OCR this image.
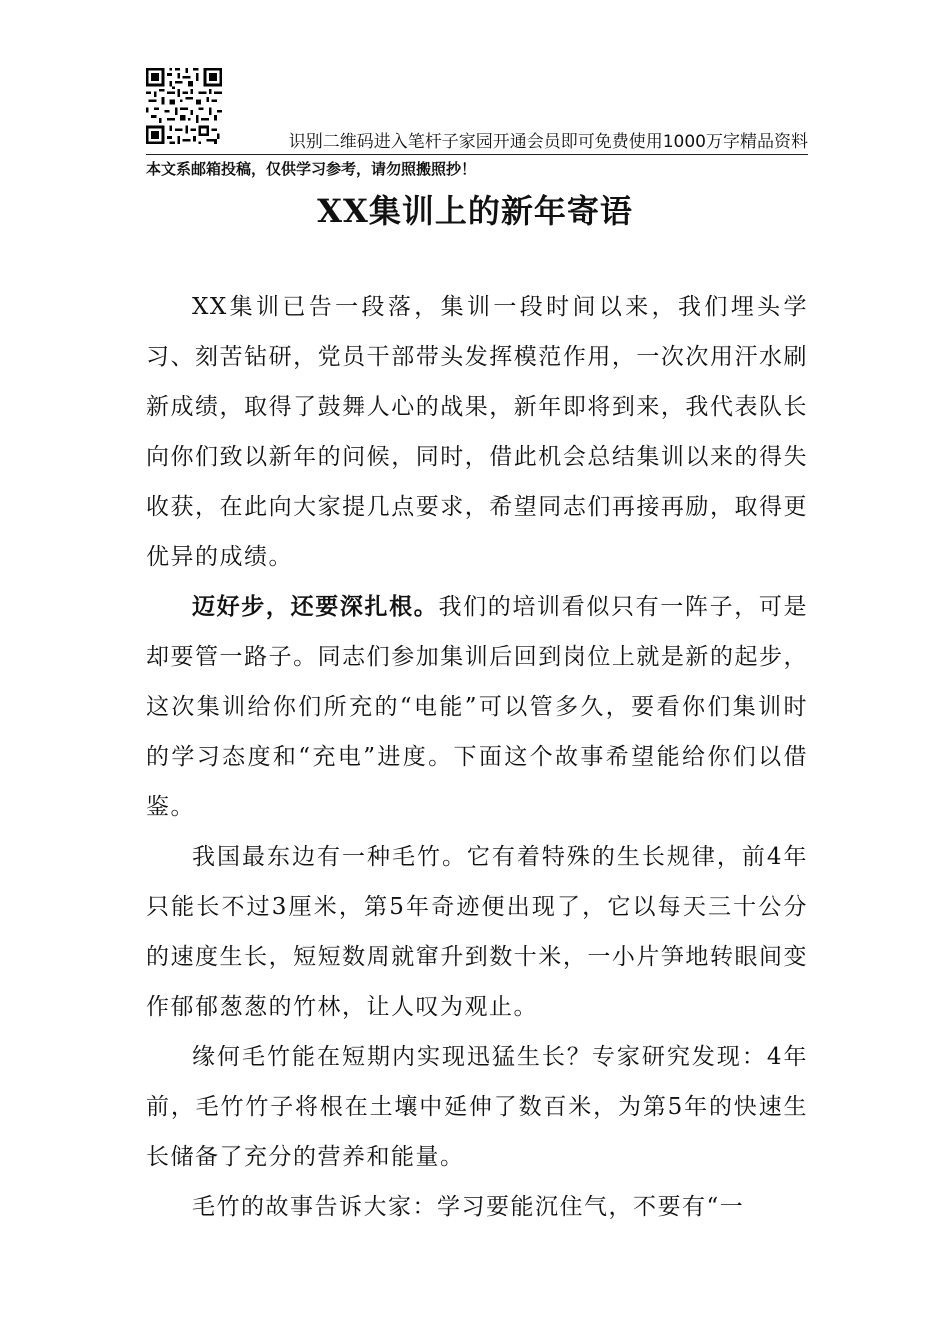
识别二维码进入笔杆子家园开通会员即可免费使用1000万字精品资料
本文系邮箱投稿，仅供学习参考，请勿照搬照抄！
XX集训上的新年寄语

XX集训已告一段落，集训一段时间以来，我们埋头学习、刻苦钻研，党员干部带头发挥模范作用，一次次用汗水刷新成绩，取得了鼓舞人心的战果，新年即将到来，我代表队长向你们致以新年的问候，同时，借此机会总结集训以来的得失收获，在此向大家提几点要求，希望同志们再接再励，取得更优异的成绩。

迈好步，还要深扎根。我们的培训看似只有一阵子，可是却要管一路子。同志们参加集训后回到岗位上就是新的起步，这次集训给你们所充的“电能”可以管多久，要看你们集训时的学习态度和“充电”进度。下面这个故事希望能给你们以借鉴。

我国最东边有一种毛竹。它有着特殊的生长规律，前4年只能长不过3厘米，第5年奇迹便出现了，它以每天三十公分的速度生长，短短数周就窜升到数十米，一小片笋地转眼间变作郁郁葱葱的竹林，让人叹为观止。

缘何毛竹能在短期内实现迅猛生长？专家研究发现：4年前，毛竹竹子将根在土壤中延伸了数百米，为第5年的快速生长储备了充分的营养和能量。

毛竹的故事告诉大家：学习要能沉住气，不要有“一
